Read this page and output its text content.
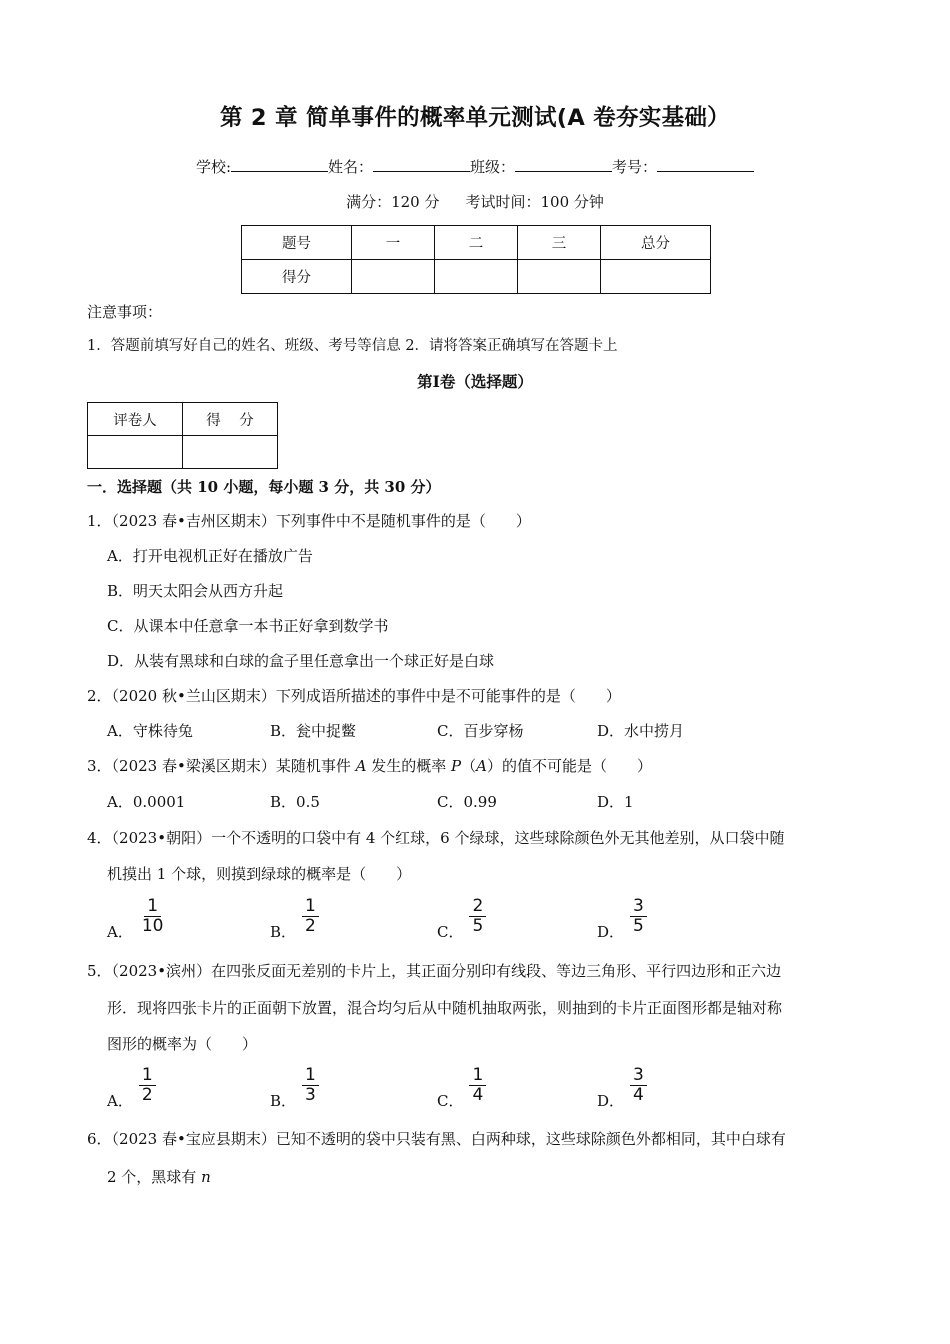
第 2 章 简单事件的概率单元测试(A 卷夯实基础）
学校:	姓名：	班级：	考号：
满分：120 分 考试时间：100 分钟
题号	一	二	三	总分
得分				
注意事项：
1．答题前填写好自己的姓名、班级、考号等信息 2．请将答案正确填写在答题卡上
第Ⅰ卷（选择题）
评卷人	得    分

一．选择题（共 10 小题，每小题 3 分，共 30 分）
1．（2023 春•吉州区期末）下列事件中不是随机事件的是（　　）
A．打开电视机正好在播放广告
B．明天太阳会从西方升起
C．从课本中任意拿一本书正好拿到数学书
D．从装有黑球和白球的盒子里任意拿出一个球正好是白球
2．（2020 秋•兰山区期末）下列成语所描述的事件中是不可能事件的是（　　）
A．守株待兔	B．瓮中捉鳖	C．百步穿杨	D．水中捞月
3．（2023 春•梁溪区期末）某随机事件 A 发生的概率 P（A）的值不可能是（　　）
A．0.0001	B．0.5	C．0.99	D．1
4．（2023•朝阳）一个不透明的口袋中有 4 个红球，6 个绿球，这些球除颜色外无其他差别，从口袋中随
机摸出 1 个球，则摸到绿球的概率是（　　）
A． $\frac{1}{10}$	B． $\frac{1}{2}$	C． $\frac{2}{5}$	D． $\frac{3}{5}$
5．（2023•滨州）在四张反面无差别的卡片上，其正面分别印有线段、等边三角形、平行四边形和正六边
形．现将四张卡片的正面朝下放置，混合均匀后从中随机抽取两张，则抽到的卡片正面图形都是轴对称
图形的概率为（　　）
A． $\frac{1}{2}$	B． $\frac{1}{3}$	C． $\frac{1}{4}$	D． $\frac{3}{4}$
6．（2023 春•宝应县期末）已知不透明的袋中只装有黑、白两种球，这些球除颜色外都相同，其中白球有
2 个，黑球有 n
